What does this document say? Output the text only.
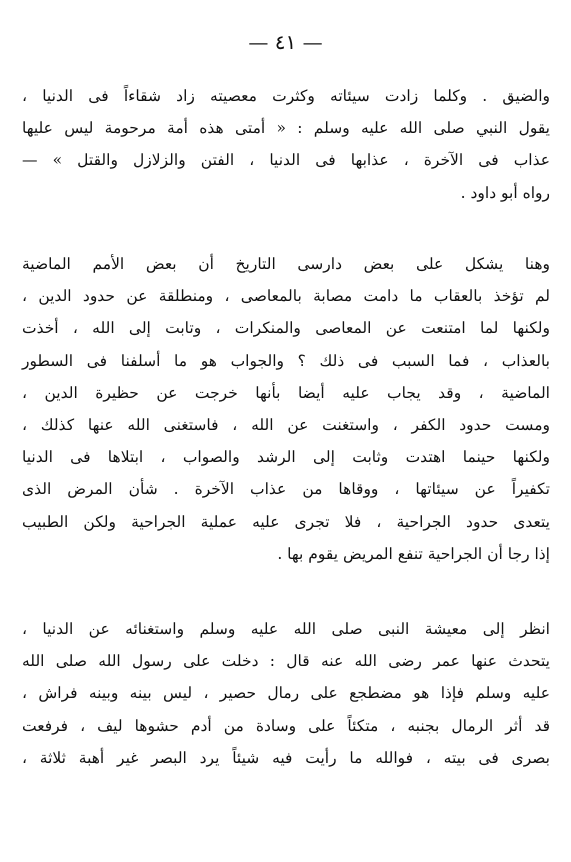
— ٤١ —
والضيق . وكلما زادت سيئاته وكثرت معصيته زاد شقاءاً فى الدنيا ،
يقول النبي صلى الله عليه وسلم : « أمتى هذه أمة مرحومة ليس عليها
عذاب فى الآخرة ، عذابها فى الدنيا ، الفتن والزلازل والقتل » —
رواه أبو داود .
وهنا يشكل على بعض دارسى التاريخ أن بعض الأمم الماضية
لم تؤخذ بالعقاب ما دامت مصابة بالمعاصى ، ومنطلقة عن حدود الدين ،
ولكنها لما امتنعت عن المعاصى والمنكرات ، وتابت إلى الله ، أخذت
بالعذاب ، فما السبب فى ذلك ؟ والجواب هو ما أسلفنا فى السطور
الماضية ، وقد يجاب عليه أيضا بأنها خرجت عن حظيرة الدين ،
ومست حدود الكفر ، واستغنت عن الله ، فاستغنى الله عنها كذلك ،
ولكنها حينما اهتدت وثابت إلى الرشد والصواب ، ابتلاها فى الدنيا
تكفيراً عن سيئاتها ، ووقاها من عذاب الآخرة . شأن المرض الذى
يتعدى حدود الجراحية ، فلا تجرى عليه عملية الجراحية ولكن الطبيب
إذا رجا أن الجراحية تنفع المريض يقوم بها .
انظر إلى معيشة النبى صلى الله عليه وسلم واستغنائه عن الدنيا ،
يتحدث عنها عمر رضى الله عنه قال : دخلت على رسول الله صلى الله
عليه وسلم فإذا هو مضطجع على رمال حصير ، ليس بينه وبينه فراش ،
قد أثر الرمال بجنبه ، متكئاً على وسادة من أدم حشوها ليف ، فرفعت
بصرى فى بيته ، فوالله ما رأيت فيه شيئاً يرد البصر غير أهبة ثلاثة ،
